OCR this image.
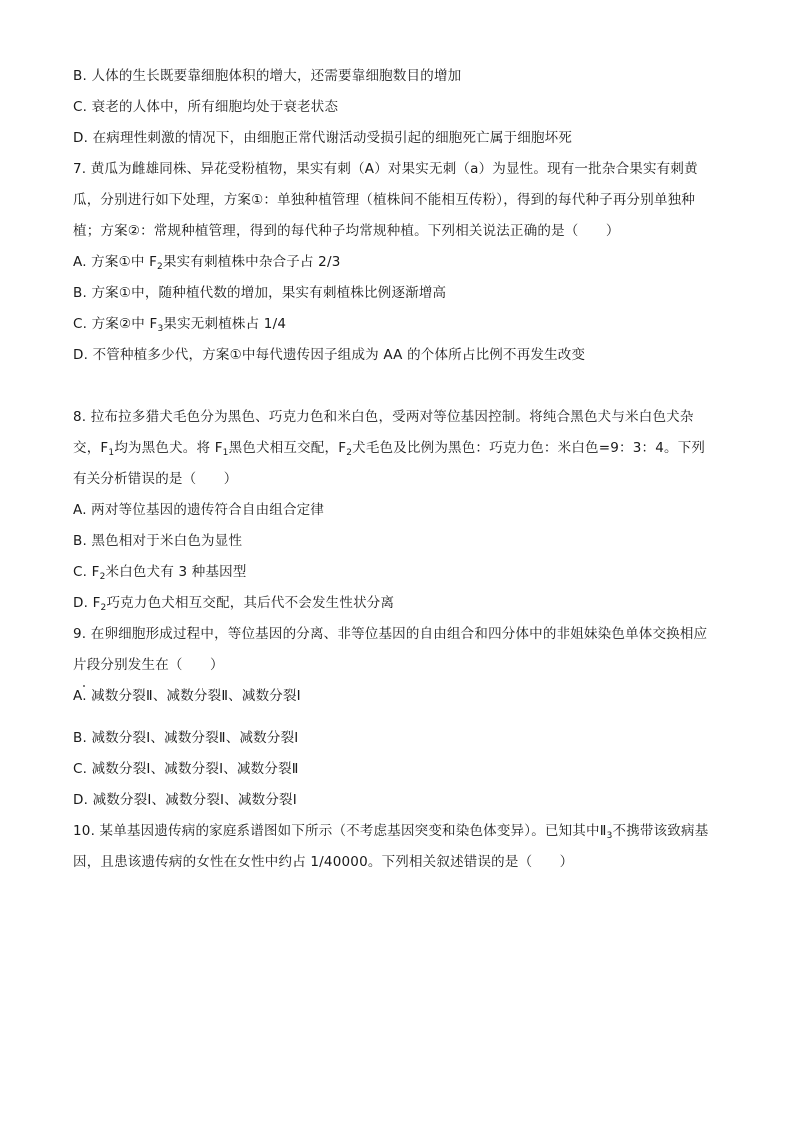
B. 人体的生长既要靠细胞体积的增大，还需要靠细胞数目的增加
C. 衰老的人体中，所有细胞均处于衰老状态
D. 在病理性刺激的情况下，由细胞正常代谢活动受损引起的细胞死亡属于细胞坏死
7. 黄瓜为雌雄同株、异花受粉植物，果实有刺（A）对果实无刺（a）为显性。现有一批杂合果实有刺黄
瓜，分别进行如下处理，方案①：单独种植管理（植株间不能相互传粉），得到的每代种子再分别单独种
植；方案②：常规种植管理，得到的每代种子均常规种植。下列相关说法正确的是（　　）
A. 方案①中 $F_2$果实有刺植株中杂合子占 2/3
B. 方案①中，随种植代数的增加，果实有刺植株比例逐渐增高
C. 方案②中 $F_3$果实无刺植株占 1/4
D. 不管种植多少代，方案①中每代遗传因子组成为 AA 的个体所占比例不再发生改变
8. 拉布拉多猎犬毛色分为黑色、巧克力色和米白色，受两对等位基因控制。将纯合黑色犬与米白色犬杂
交，$F_1$均为黑色犬。将 $F_1$黑色犬相互交配，$F_2$犬毛色及比例为黑色：巧克力色：米白色=9：3：4。下列
有关分析错误的是（　　）
A. 两对等位基因的遗传符合自由组合定律
B. 黑色相对于米白色为显性
C. $F_2$米白色犬有 3 种基因型
D. $F_2$巧克力色犬相互交配，其后代不会发生性状分离
9. 在卵细胞形成过程中，等位基因的分离、非等位基因的自由组合和四分体中的非姐妹染色单体交换相应
片段分别发生在（　　）
A. 减数分裂Ⅱ、减数分裂Ⅱ、减数分裂Ⅰ
B. 减数分裂Ⅰ、减数分裂Ⅱ、减数分裂Ⅰ
C. 减数分裂Ⅰ、减数分裂Ⅰ、减数分裂Ⅱ
D. 减数分裂Ⅰ、减数分裂Ⅰ、减数分裂Ⅰ
10. 某单基因遗传病的家庭系谱图如下所示（不考虑基因突变和染色体变异）。已知其中$Ⅱ_3$不携带该致病基
因，且患该遗传病的女性在女性中约占 1/40000。下列相关叙述错误的是（　　）
